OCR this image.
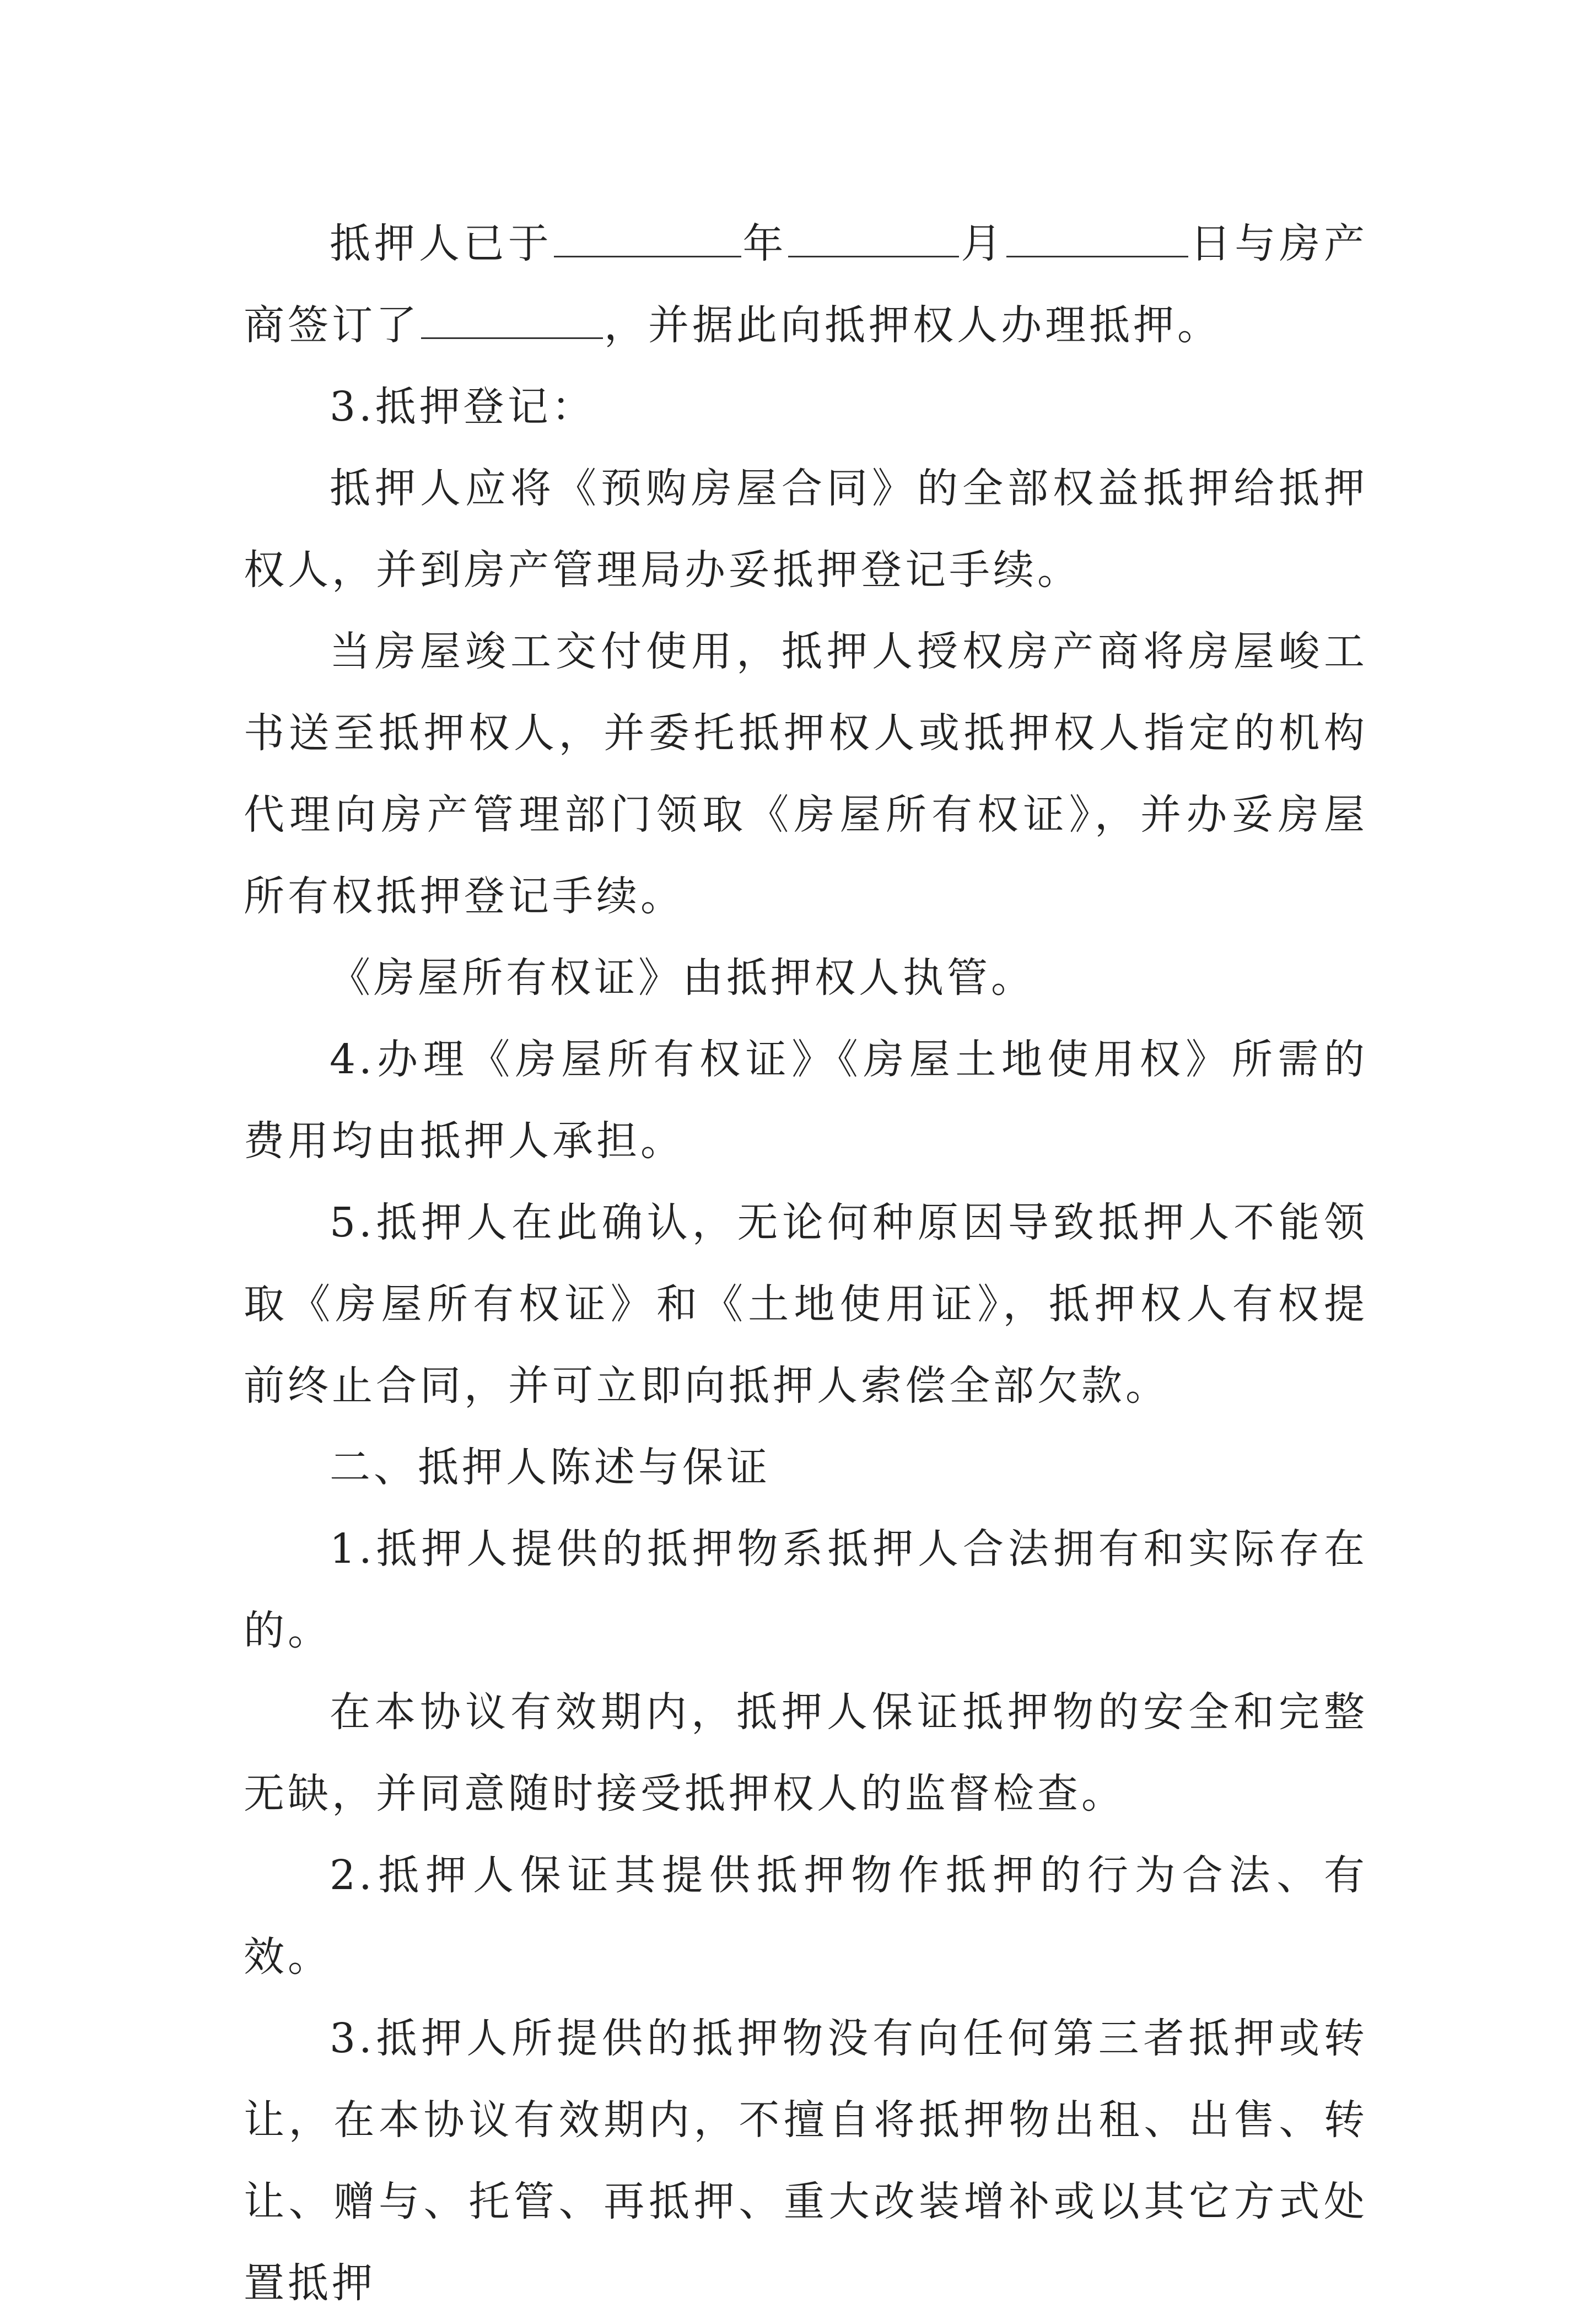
抵押人已于	年	月	日与房产商签订了	，并据此向抵押权人办理抵押。

3.抵押登记：

抵押人应将《预购房屋合同》的全部权益抵押给抵押权人，并到房产管理局办妥抵押登记手续。

当房屋竣工交付使用，抵押人授权房产商将房屋峻工书送至抵押权人，并委托抵押权人或抵押权人指定的机构代理向房产管理部门领取《房屋所有权证》，并办妥房屋所有权抵押登记手续。

《房屋所有权证》由抵押权人执管。

4.办理《房屋所有权证》《房屋土地使用权》所需的费用均由抵押人承担。

5.抵押人在此确认，无论何种原因导致抵押人不能领取《房屋所有权证》和《土地使用证》，抵押权人有权提前终止合同，并可立即向抵押人索偿全部欠款。

二、抵押人陈述与保证

1.抵押人提供的抵押物系抵押人合法拥有和实际存在的。

在本协议有效期内，抵押人保证抵押物的安全和完整无缺，并同意随时接受抵押权人的监督检查。

2.抵押人保证其提供抵押物作抵押的行为合法、有效。

3.抵押人所提供的抵押物没有向任何第三者抵押或转让，在本协议有效期内，不擅自将抵押物出租、出售、转让、赠与、托管、再抵押、重大改装增补或以其它方式处置抵押
